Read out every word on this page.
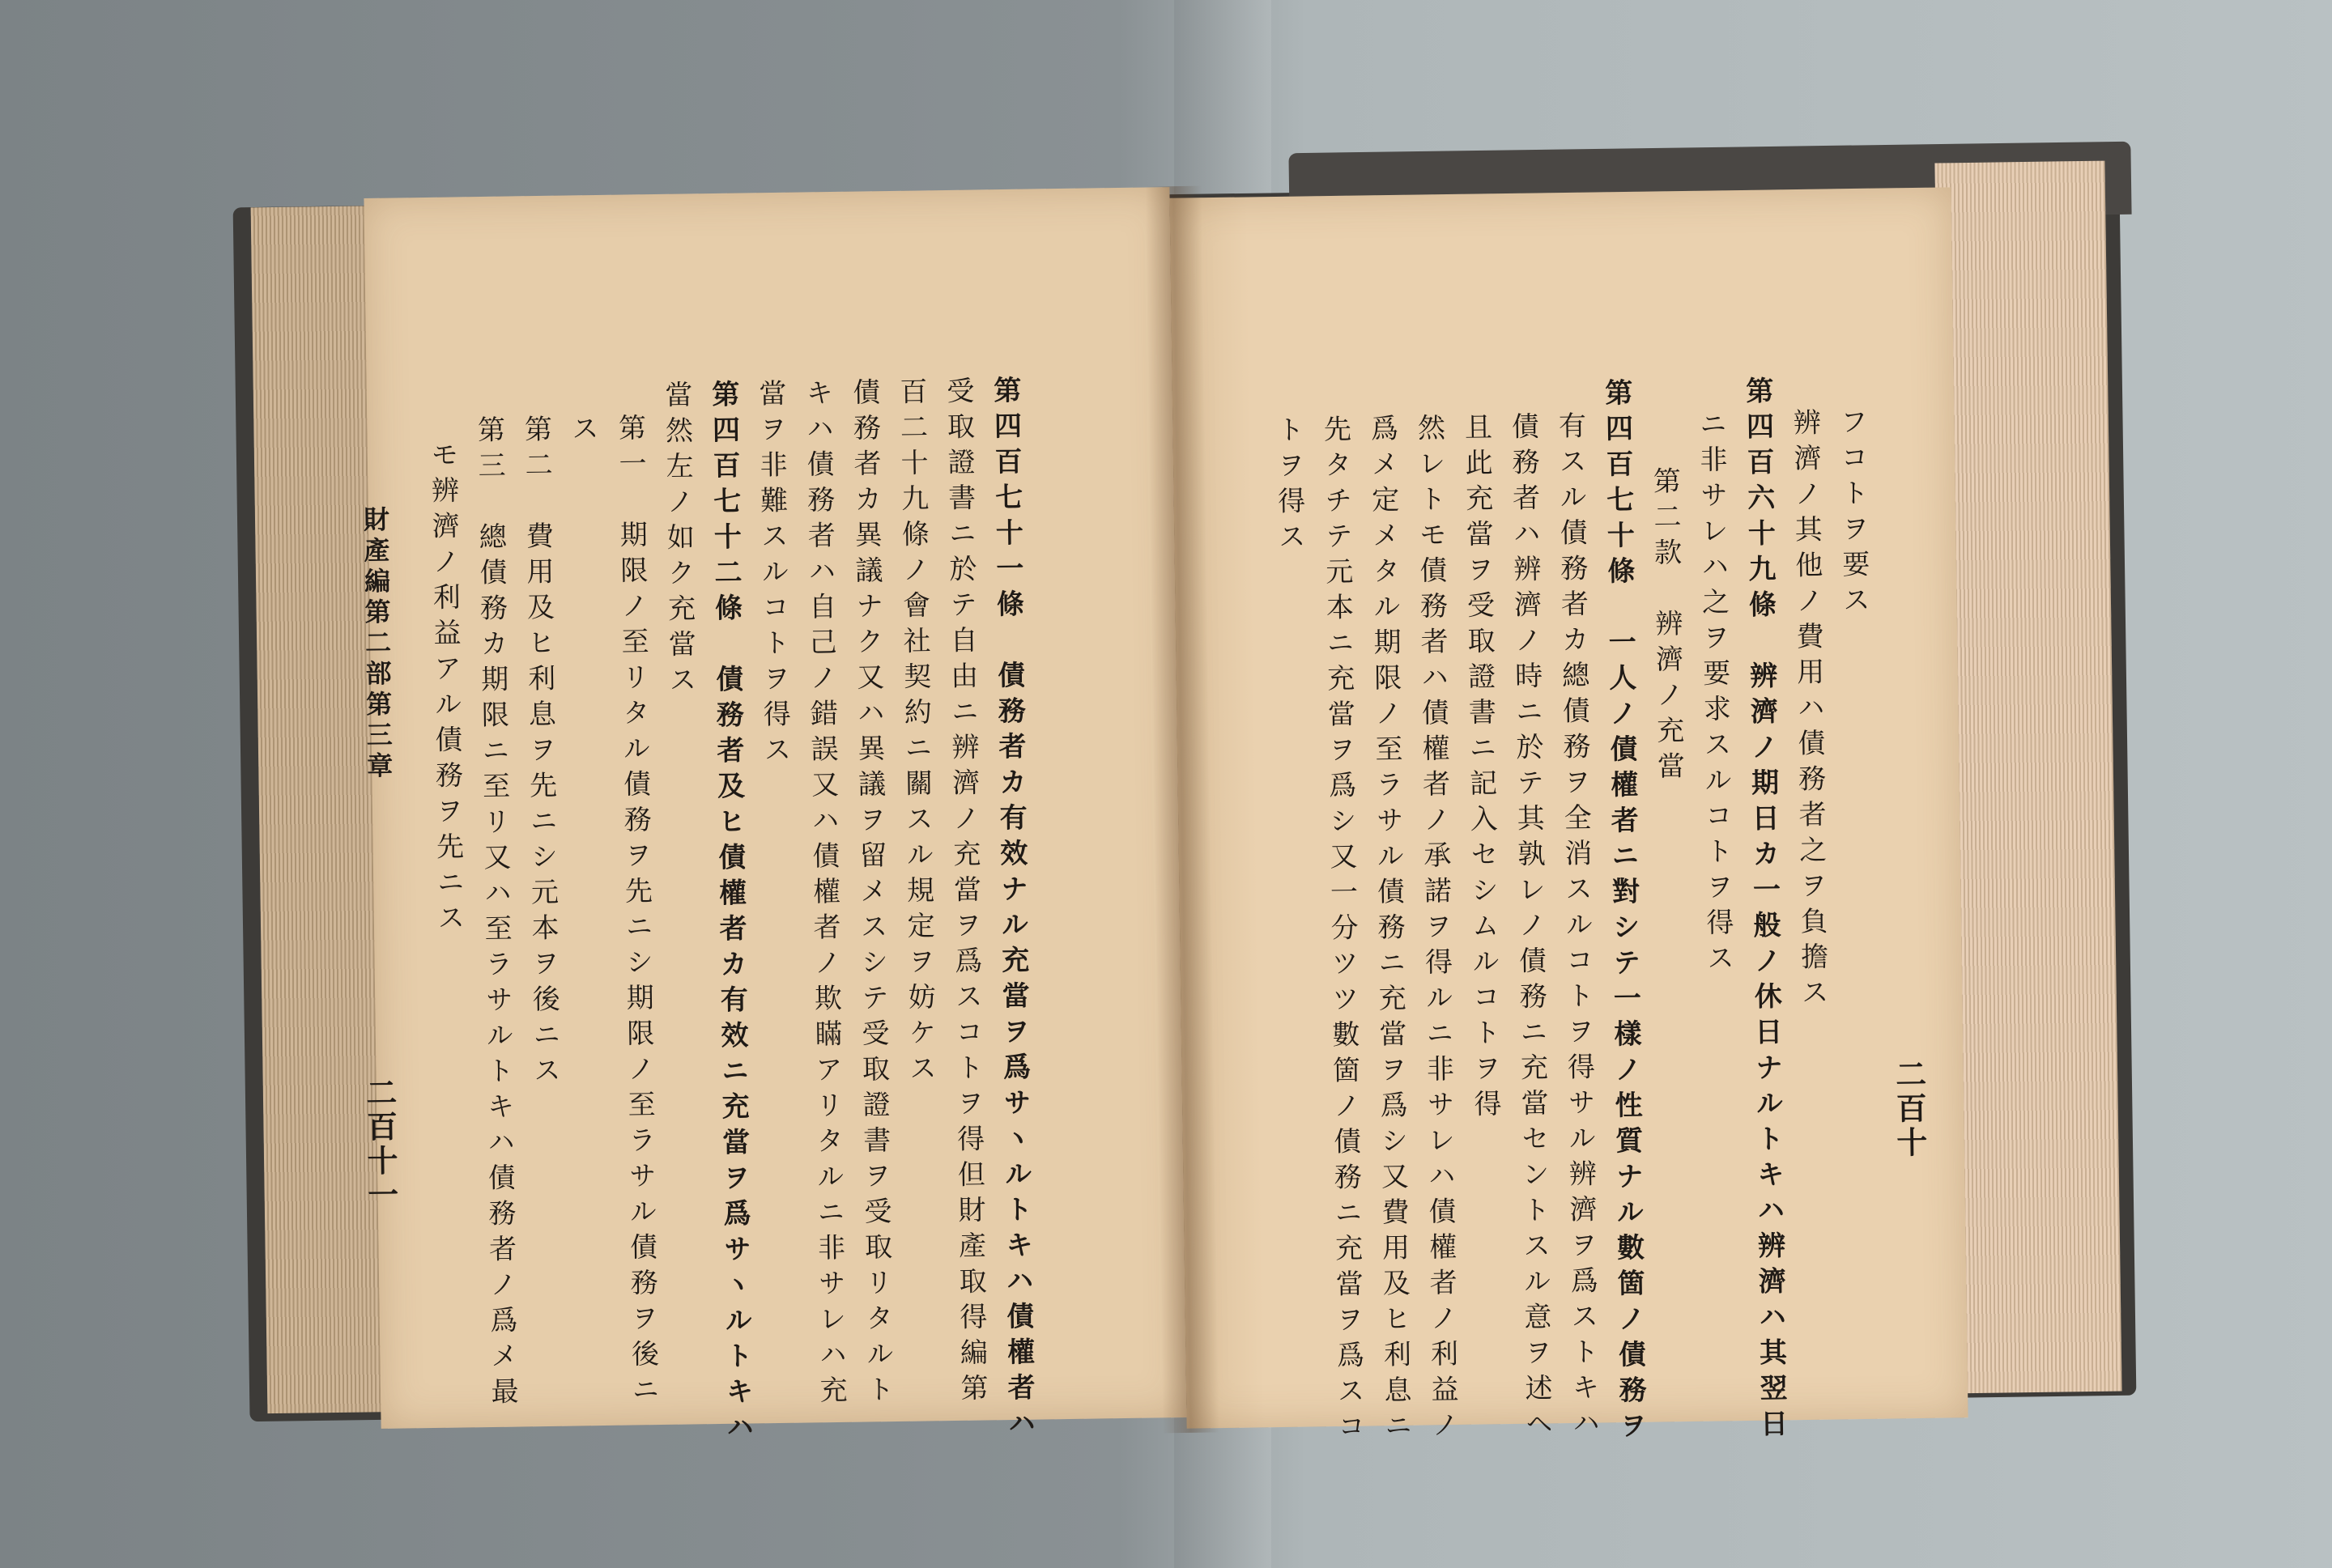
第四百七十一條　債務者カ有效ナル充當ヲ爲サヽルトキハ債權者ハ
受取證書ニ於テ自由ニ辨濟ノ充當ヲ爲スコトヲ得但財產取得編第
百二十九條ノ會社契約ニ關スル規定ヲ妨ケス
債務者カ異議ナク又ハ異議ヲ留メスシテ受取證書ヲ受取リタルト
キハ債務者ハ自己ノ錯誤又ハ債權者ノ欺瞞アリタルニ非サレハ充
當ヲ非難スルコトヲ得ス
第四百七十二條　債務者及ヒ債權者カ有效ニ充當ヲ爲サヽルトキハ
當然左ノ如ク充當ス
第一　期限ノ至リタル債務ヲ先ニシ期限ノ至ラサル債務ヲ後ニ
ス
第二　費用及ヒ利息ヲ先ニシ元本ヲ後ニス
第三　總債務カ期限ニ至リ又ハ至ラサルトキハ債務者ノ爲メ最
モ辨濟ノ利益アル債務ヲ先ニス
財產編第二部第三章
二百十一	二百十
フコトヲ要ス
辨濟ノ其他ノ費用ハ債務者之ヲ負擔ス
第四百六十九條　辨濟ノ期日カ一般ノ休日ナルトキハ辨濟ハ其翌日
ニ非サレハ之ヲ要求スルコトヲ得ス
第二款　辨濟ノ充當
第四百七十條　一人ノ債權者ニ對シテ一樣ノ性質ナル數箇ノ債務ヲ
有スル債務者カ總債務ヲ全消スルコトヲ得サル辨濟ヲ爲ストキハ
債務者ハ辨濟ノ時ニ於テ其孰レノ債務ニ充當セントスル意ヲ述ヘ
且此充當ヲ受取證書ニ記入セシムルコトヲ得
然レトモ債務者ハ債權者ノ承諾ヲ得ルニ非サレハ債權者ノ利益ノ
爲メ定メタル期限ノ至ラサル債務ニ充當ヲ爲シ又費用及ヒ利息ニ
先タチテ元本ニ充當ヲ爲シ又一分ツツ數箇ノ債務ニ充當ヲ爲スコ
トヲ得ス
